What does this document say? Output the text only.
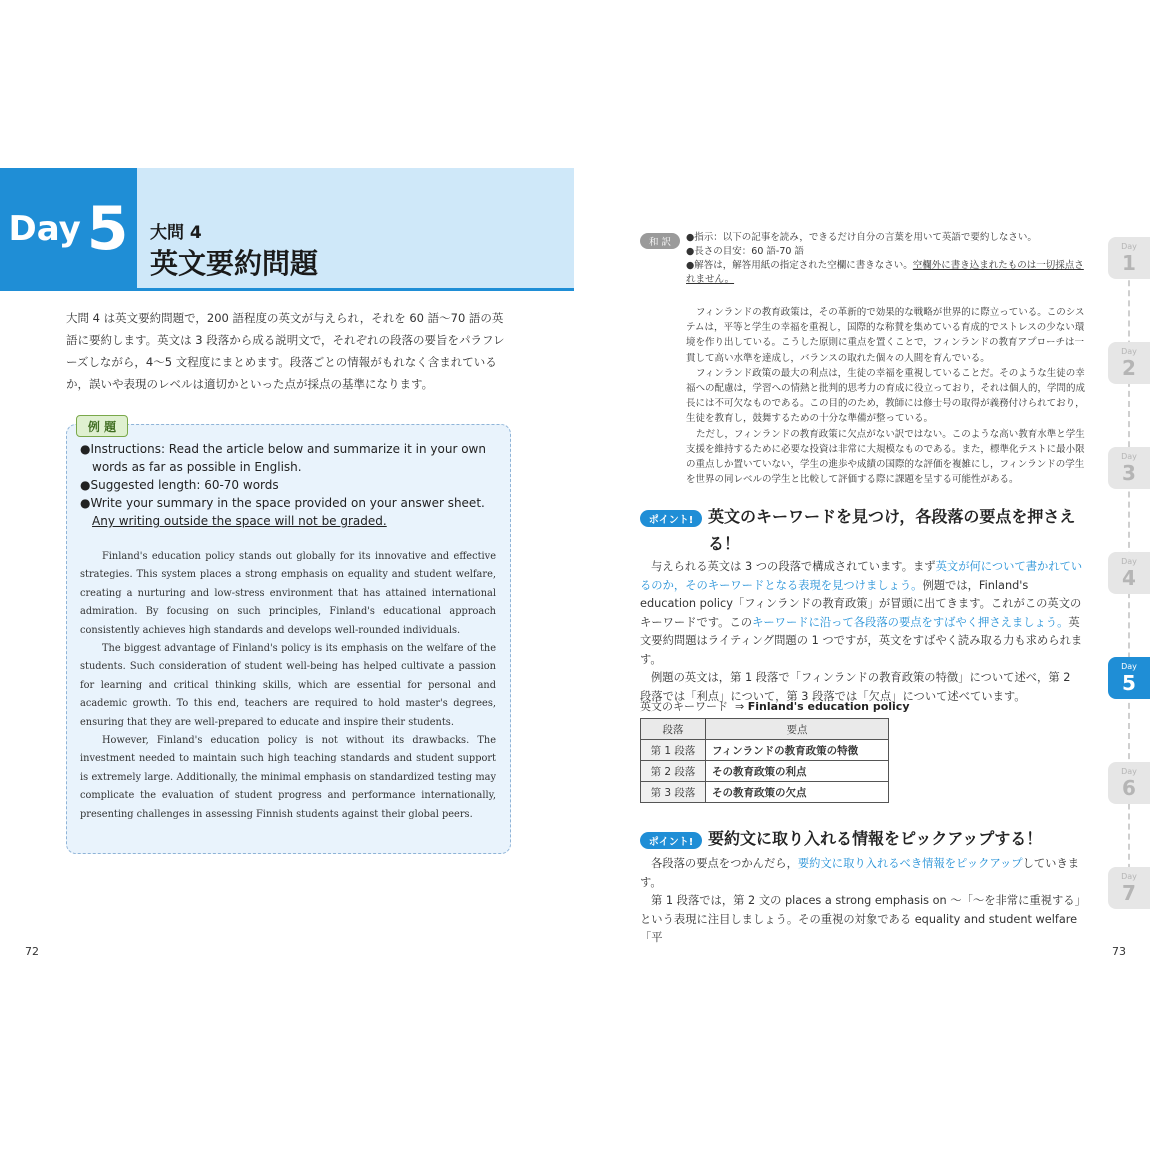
Day 5 大問 4
英文要約問題
大問 4 は英文要約問題で，200 語程度の英文が与えられ，それを 60 語～70 語の英語に要約します。英文は 3 段落から成る説明文で，それぞれの段落の要旨をパラフレーズしながら，4～5 文程度にまとめます。段落ごとの情報がもれなく含まれているか，誤いや表現のレベルは適切かといった点が採点の基準になります。
例 題
●Instructions: Read the article below and summarize it in your own words as far as possible in English.
●Suggested length: 60-70 words
●Write your summary in the space provided on your answer sheet.
Any writing outside the space will not be graded.

Finland's education policy stands out globally for its innovative and effective strategies. This system places a strong emphasis on equality and student welfare, creating a nurturing and low-stress environment that has attained international admiration. By focusing on such principles, Finland's educational approach consistently achieves high standards and develops well-rounded individuals.

The biggest advantage of Finland's policy is its emphasis on the welfare of the students. Such consideration of student well-being has helped cultivate a passion for learning and critical thinking skills, which are essential for personal and academic growth. To this end, teachers are required to hold master's degrees, ensuring that they are well-prepared to educate and inspire their students.

However, Finland's education policy is not without its drawbacks. The investment needed to maintain such high teaching standards and student support is extremely large. Additionally, the minimal emphasis on standardized testing may complicate the evaluation of student progress and performance internationally, presenting challenges in assessing Finnish students against their global peers.

72	73
和 訳	●指示：以下の記事を読み，できるだけ自分の言葉を用いて英語で要約しなさい。
●長さの目安：60 語-70 語
●解答は，解答用紙の指定された空欄に書きなさい。空欄外に書き込まれたものは一切採点されません。

フィンランドの教育政策は，その革新的で効果的な戦略が世界的に際立っている。このシステムは，平等と学生の幸福を重視し，国際的な称賛を集めている育成的でストレスの少ない環境を作り出している。こうした原則に重点を置くことで，フィンランドの教育アプローチは一貫して高い水準を達成し，バランスの取れた個々の人間を育んでいる。

フィンランド政策の最大の利点は，生徒の幸福を重視していることだ。そのような生徒の幸福への配慮は，学習への情熱と批判的思考力の育成に役立っており，それは個人的，学問的成長には不可欠なものである。この目的のため，教師には修士号の取得が義務付けられており，生徒を教育し，鼓舞するための十分な準備が整っている。

ただし，フィンランドの教育政策に欠点がない訳ではない。このような高い教育水準と学生支援を維持するために必要な投資は非常に大規模なものである。また，標準化テストに最小限の重点しか置いていない，学生の進歩や成績の国際的な評価を複雑にし，フィンランドの学生を世界の同レベルの学生と比較して評価する際に課題を呈する可能性がある。

ポイント! 英文のキーワードを見つけ，各段落の要点を押さえる！
与えられる英文は 3 つの段落で構成されています。まず英文が何について書かれているのか，そのキーワードとなる表現を見つけましょう。例題では，Finland's education policy「フィンランドの教育政策」が冒頭に出てきます。これがこの英文のキーワードです。このキーワードに沿って各段落の要点をすばやく押さえましょう。英文要約問題はライティング問題の 1 つですが，英文をすばやく読み取る力も求められます。
例題の英文は，第 1 段落で「フィンランドの教育政策の特徴」について述べ，第 2 段落では「利点」について，第 3 段落では「欠点」について述べています。
英文のキーワード ⇒ Finland's education policy
段落	要点
第 1 段落	フィンランドの教育政策の特徴
第 2 段落	その教育政策の利点
第 3 段落	その教育政策の欠点
ポイント! 要約文に取り入れる情報をピックアップする！
各段落の要点をつかんだら，要約文に取り入れるべき情報をピックアップしていきます。
第 1 段落では，第 2 文の places a strong emphasis on ～「～を非常に重視する」という表現に注目しましょう。その重視の対象である equality and student welfare「平
Day
1
Day
2
Day
3
Day
4
Day
5
Day
6
Day
7
